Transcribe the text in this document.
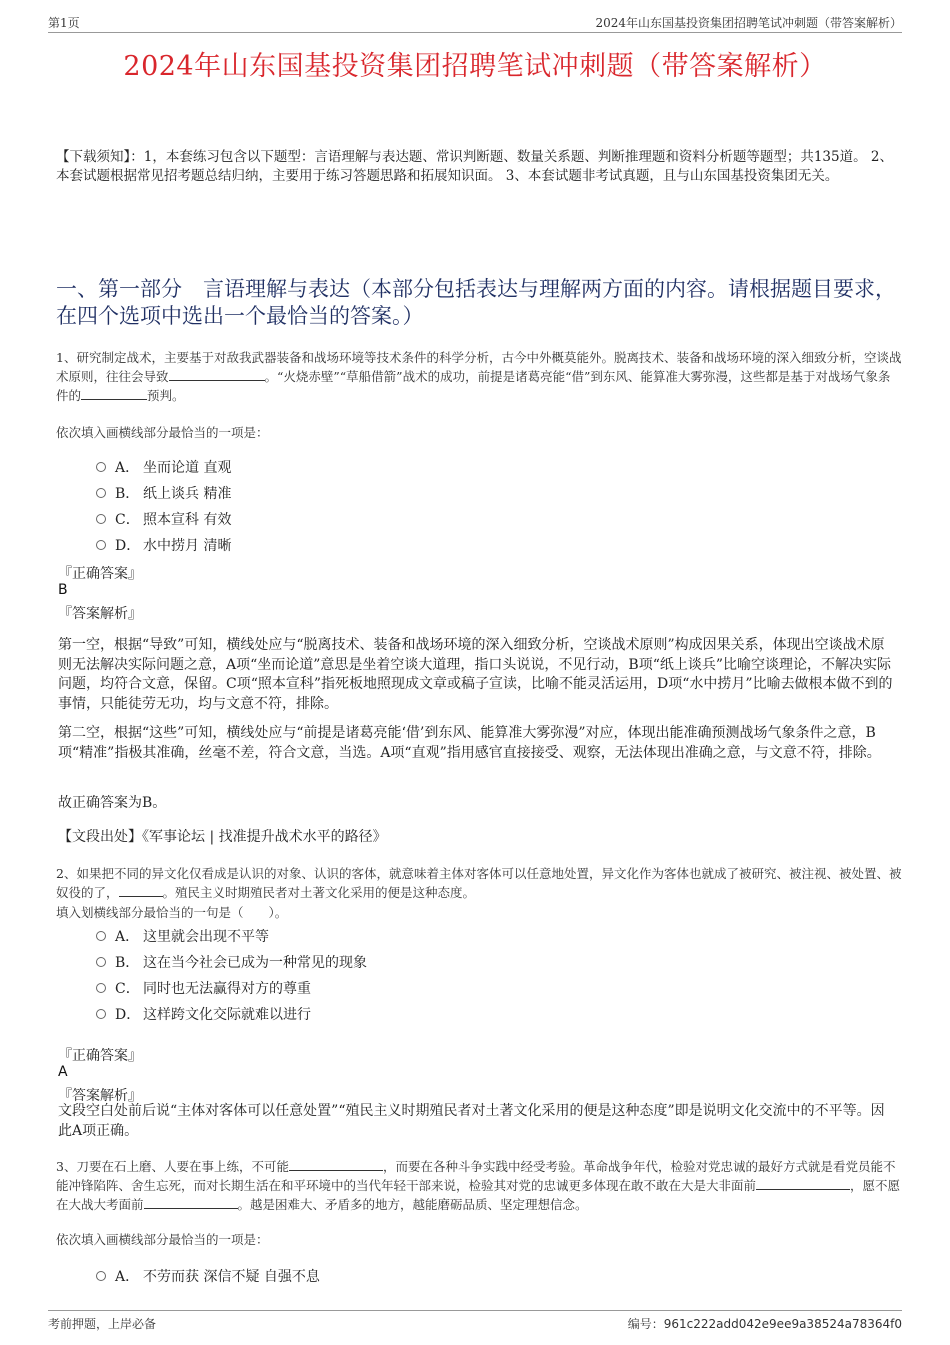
第1页	2024年山东国基投资集团招聘笔试冲刺题（带答案解析）
2024年山东国基投资集团招聘笔试冲刺题（带答案解析）
【下载须知】：1，本套练习包含以下题型：言语理解与表达题、常识判断题、数量关系题、判断推理题和资料分析题等题型；共135道。 2、本套试题根据常见招考题总结归纳，主要用于练习答题思路和拓展知识面。 3、本套试题非考试真题，且与山东国基投资集团无关。
一、第一部分　言语理解与表达（本部分包括表达与理解两方面的内容。请根据题目要求，在四个选项中选出一个最恰当的答案。）
1、研究制定战术，主要基于对敌我武器装备和战场环境等技术条件的科学分析，古今中外概莫能外。脱离技术、装备和战场环境的深入细致分析，空谈战术原则，往往会导致	。“火烧赤壁”“草船借箭”战术的成功，前提是诸葛亮能“借”到东风、能算准大雾弥漫，这些都是基于对战场气象条件的	预判。
依次填入画横线部分最恰当的一项是：
A． 坐而论道 直观
B． 纸上谈兵 精准
C． 照本宣科 有效
D． 水中捞月 清晰
『正确答案』
B
『答案解析』
第一空，根据“导致”可知，横线处应与“脱离技术、装备和战场环境的深入细致分析，空谈战术原则”构成因果关系，体现出空谈战术原则无法解决实际问题之意，A项“坐而论道”意思是坐着空谈大道理，指口头说说，不见行动，B项“纸上谈兵”比喻空谈理论，不解决实际问题，均符合文意，保留。C项“照本宣科”指死板地照现成文章或稿子宣读，比喻不能灵活运用，D项“水中捞月”比喻去做根本做不到的事情，只能徒劳无功，均与文意不符，排除。
第二空，根据“这些”可知，横线处应与“前提是诸葛亮能‘借’到东风、能算准大雾弥漫”对应，体现出能准确预测战场气象条件之意，B项“精准”指极其准确，丝毫不差，符合文意，当选。A项“直观”指用感官直接接受、观察，无法体现出准确之意，与文意不符，排除。
故正确答案为B。
【文段出处】《军事论坛 | 找准提升战术水平的路径》
2、如果把不同的异文化仅看成是认识的对象、认识的客体，就意味着主体对客体可以任意地处置，异文化作为客体也就成了被研究、被注视、被处置、被奴役的了，	。殖民主义时期殖民者对土著文化采用的便是这种态度。
填入划横线部分最恰当的一句是（　　）。
A． 这里就会出现不平等
B． 这在当今社会已成为一种常见的现象
C． 同时也无法赢得对方的尊重
D． 这样跨文化交际就难以进行
『正确答案』
A
『答案解析』
文段空白处前后说“主体对客体可以任意处置”“殖民主义时期殖民者对土著文化采用的便是这种态度”即是说明文化交流中的不平等。因此A项正确。
3、刀要在石上磨、人要在事上练，不可能	，而要在各种斗争实践中经受考验。革命战争年代，检验对党忠诚的最好方式就是看党员能不能冲锋陷阵、舍生忘死，而对长期生活在和平环境中的当代年轻干部来说，检验其对党的忠诚更多体现在敢不敢在大是大非面前	，愿不愿在大战大考面前	。越是困难大、矛盾多的地方，越能磨砺品质、坚定理想信念。
依次填入画横线部分最恰当的一项是：
A． 不劳而获 深信不疑 自强不息
考前押题，上岸必备	编号：961c222add042e9ee9a38524a78364f0
